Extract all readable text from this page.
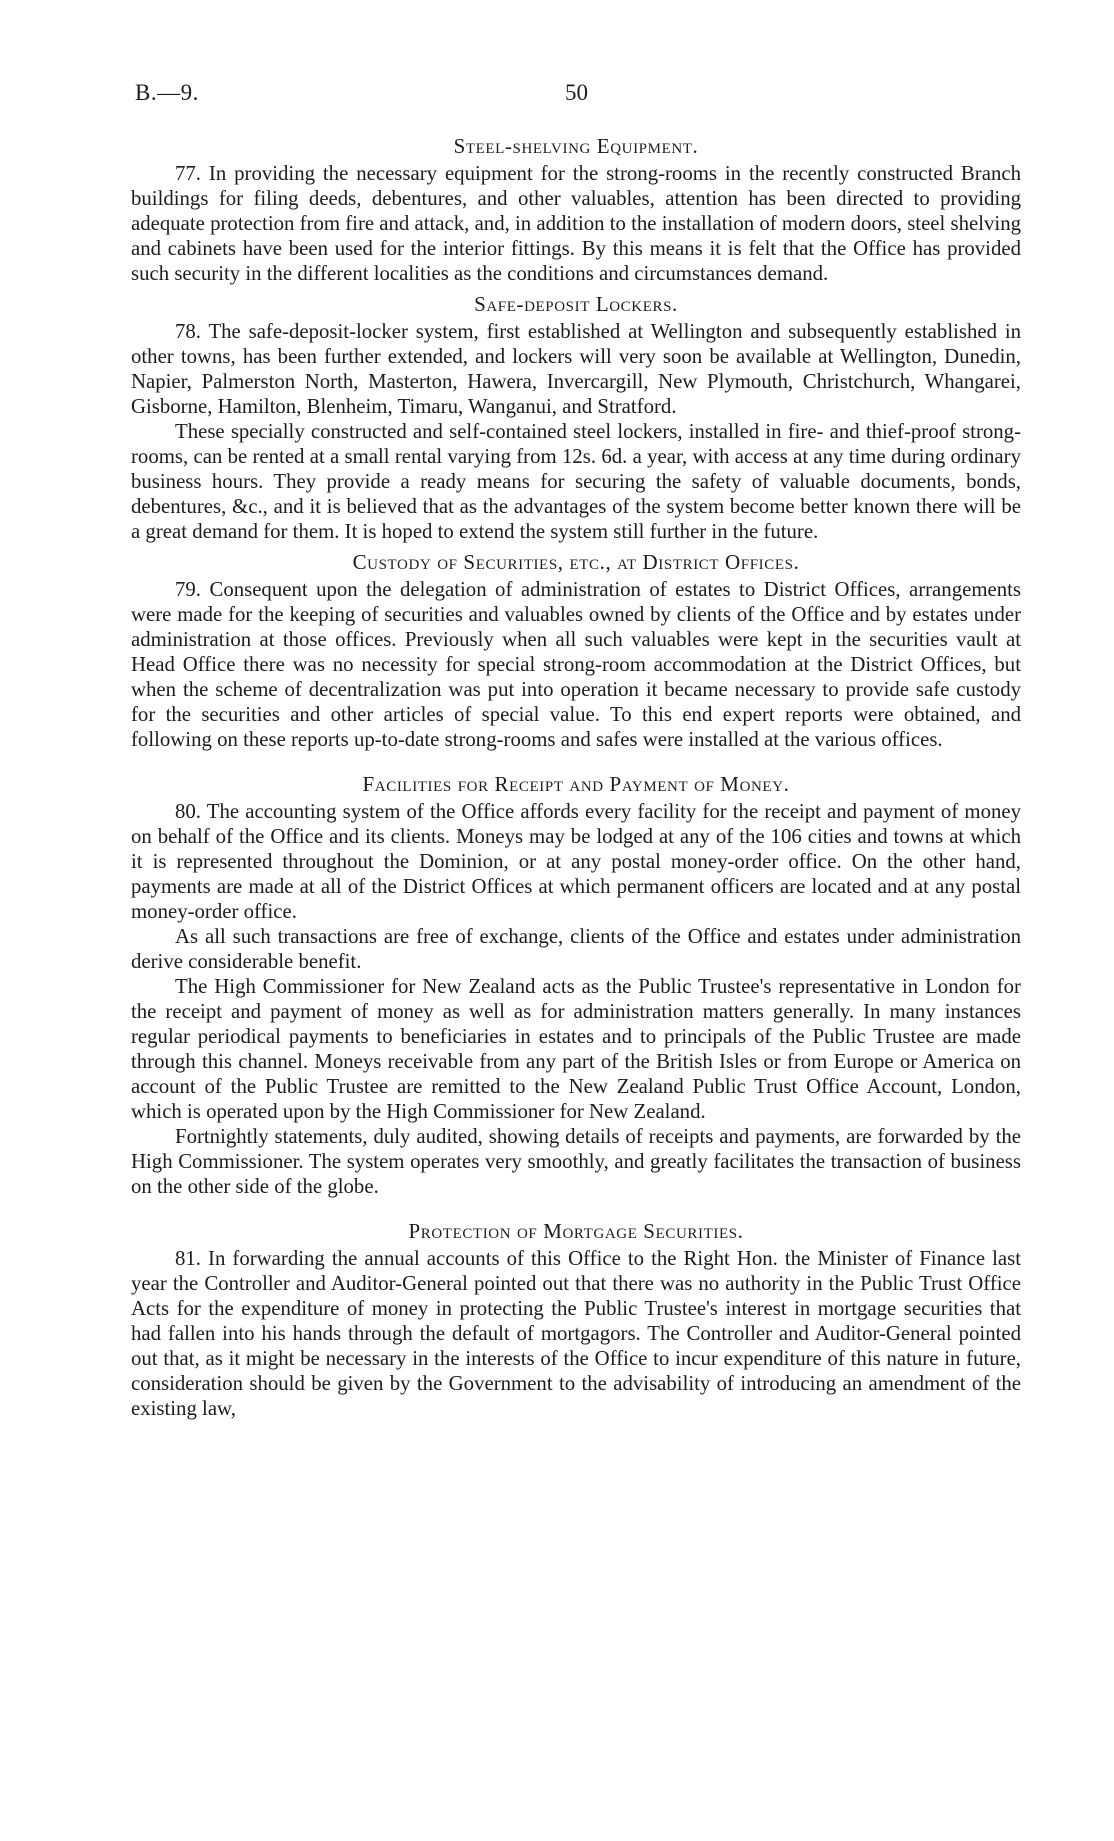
B.—9.	50
Steel-shelving Equipment.

77. In providing the necessary equipment for the strong-rooms in the recently constructed Branch buildings for filing deeds, debentures, and other valuables, attention has been directed to providing adequate protection from fire and attack, and, in addition to the installation of modern doors, steel shelving and cabinets have been used for the interior fittings. By this means it is felt that the Office has provided such security in the different localities as the conditions and circumstances demand.

Safe-deposit Lockers.

78. The safe-deposit-locker system, first established at Wellington and subsequently established in other towns, has been further extended, and lockers will very soon be available at Wellington, Dunedin, Napier, Palmerston North, Masterton, Hawera, Invercargill, New Plymouth, Christchurch, Whangarei, Gisborne, Hamilton, Blenheim, Timaru, Wanganui, and Stratford.

These specially constructed and self-contained steel lockers, installed in fire- and thief-proof strong-rooms, can be rented at a small rental varying from 12s. 6d. a year, with access at any time during ordinary business hours. They provide a ready means for securing the safety of valuable documents, bonds, debentures, &c., and it is believed that as the advantages of the system become better known there will be a great demand for them. It is hoped to extend the system still further in the future.

Custody of Securities, etc., at District Offices.

79. Consequent upon the delegation of administration of estates to District Offices, arrangements were made for the keeping of securities and valuables owned by clients of the Office and by estates under administration at those offices. Previously when all such valuables were kept in the securities vault at Head Office there was no necessity for special strong-room accommodation at the District Offices, but when the scheme of decentralization was put into operation it became necessary to provide safe custody for the securities and other articles of special value. To this end expert reports were obtained, and following on these reports up-to-date strong-rooms and safes were installed at the various offices.

Facilities for Receipt and Payment of Money.

80. The accounting system of the Office affords every facility for the receipt and payment of money on behalf of the Office and its clients. Moneys may be lodged at any of the 106 cities and towns at which it is represented throughout the Dominion, or at any postal money-order office. On the other hand, payments are made at all of the District Offices at which permanent officers are located and at any postal money-order office.

As all such transactions are free of exchange, clients of the Office and estates under administration derive considerable benefit.

The High Commissioner for New Zealand acts as the Public Trustee's representative in London for the receipt and payment of money as well as for administration matters generally. In many instances regular periodical payments to beneficiaries in estates and to principals of the Public Trustee are made through this channel. Moneys receivable from any part of the British Isles or from Europe or America on account of the Public Trustee are remitted to the New Zealand Public Trust Office Account, London, which is operated upon by the High Commissioner for New Zealand.

Fortnightly statements, duly audited, showing details of receipts and payments, are forwarded by the High Commissioner. The system operates very smoothly, and greatly facilitates the transaction of business on the other side of the globe.

Protection of Mortgage Securities.

81. In forwarding the annual accounts of this Office to the Right Hon. the Minister of Finance last year the Controller and Auditor-General pointed out that there was no authority in the Public Trust Office Acts for the expenditure of money in protecting the Public Trustee's interest in mortgage securities that had fallen into his hands through the default of mortgagors. The Controller and Auditor-General pointed out that, as it might be necessary in the interests of the Office to incur expenditure of this nature in future, consideration should be given by the Government to the advisability of introducing an amendment of the existing law,
